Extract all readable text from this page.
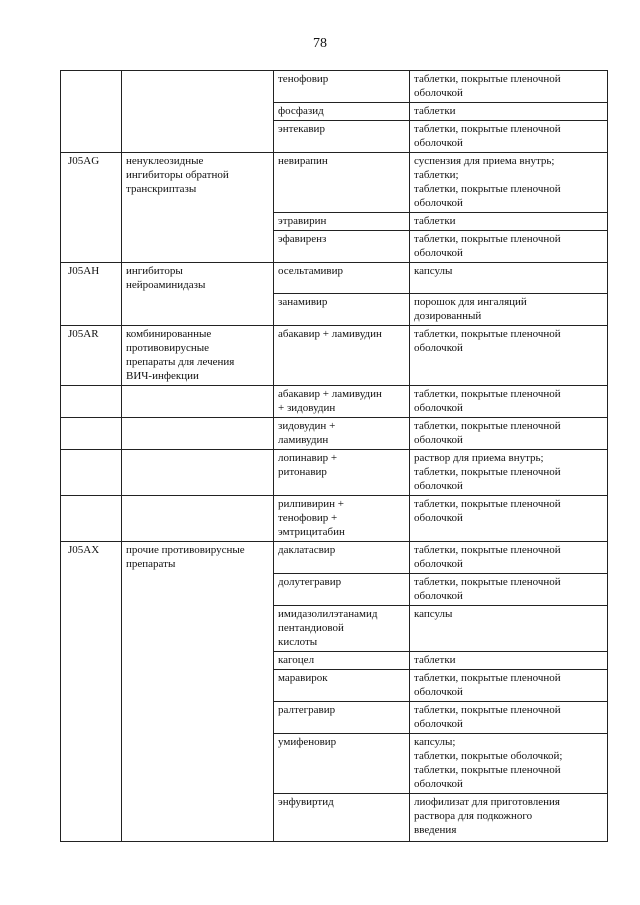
78
		тенофовир	таблетки, покрытые пленочной
оболочкой
		фосфазид	таблетки
		энтекавир	таблетки, покрытые пленочной
оболочкой
J05AG	ненуклеозидные
ингибиторы обратной
транскриптазы	невирапин	суспензия для приема внутрь;
таблетки;
таблетки, покрытые пленочной
оболочкой
		этравирин	таблетки
		эфавиренз	таблетки, покрытые пленочной
оболочкой
J05AH	ингибиторы
нейроаминидазы	осельтамивир	капсулы
		занамивир	порошок для ингаляций
дозированный
J05AR	комбинированные
противовирусные
препараты для лечения
ВИЧ-инфекции	абакавир + ламивудин	таблетки, покрытые пленочной
оболочкой
		абакавир + ламивудин
+ зидовудин	таблетки, покрытые пленочной
оболочкой
		зидовудин +
ламивудин	таблетки, покрытые пленочной
оболочкой
		лопинавир +
ритонавир	раствор для приема внутрь;
таблетки, покрытые пленочной
оболочкой
		рилпивирин +
тенофовир +
эмтрицитабин	таблетки, покрытые пленочной
оболочкой
J05AX	прочие противовирусные
препараты	даклатасвир	таблетки, покрытые пленочной
оболочкой
		долутегравир	таблетки, покрытые пленочной
оболочкой
		имидазолилэтанамид
пентандиовой
кислоты	капсулы
		кагоцел	таблетки
		маравирок	таблетки, покрытые пленочной
оболочкой
		ралтегравир	таблетки, покрытые пленочной
оболочкой
		умифеновир	капсулы;
таблетки, покрытые оболочкой;
таблетки, покрытые пленочной
оболочкой
		энфувиртид	лиофилизат для приготовления
раствора для подкожного
введения
